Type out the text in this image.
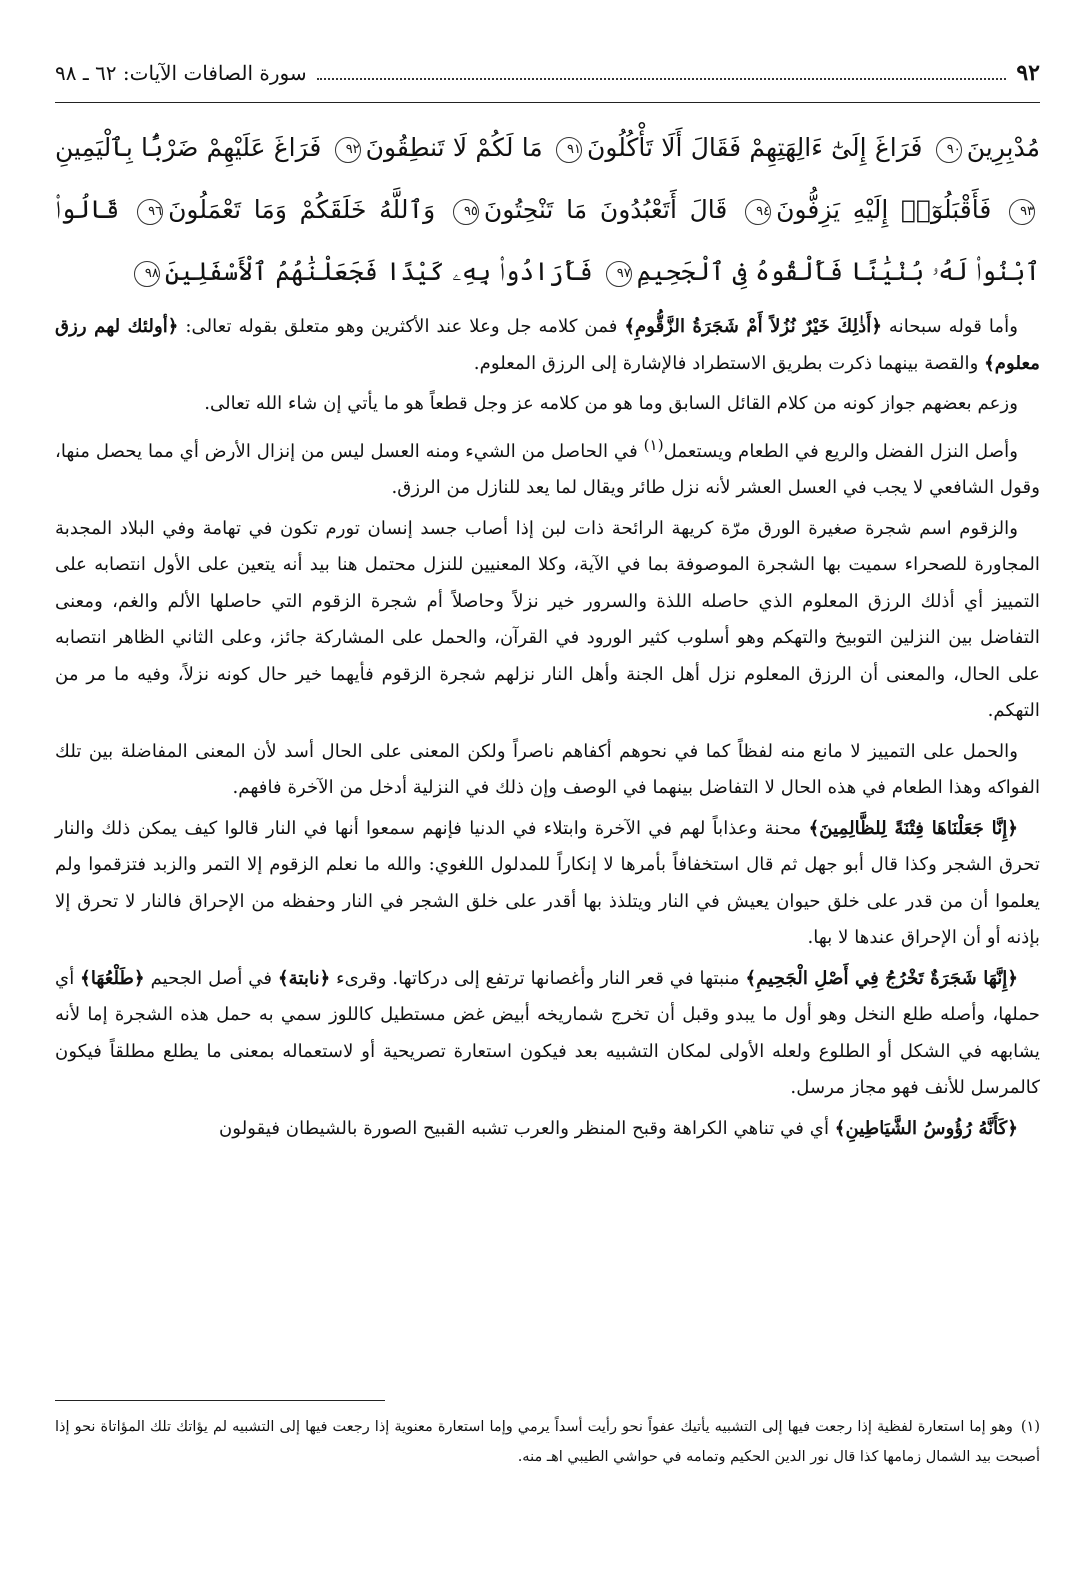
٩٢
سورة الصافات الآيات: ٦٢ ـ ٩٨

مُدْبِرِينَ٩٠ فَرَاغَ إِلَىٰٓ ءَالِهَتِهِمْ فَقَالَ أَلَا تَأْكُلُونَ٩١ مَا لَكُمْ لَا تَنطِقُونَ٩٢ فَرَاغَ عَلَيْهِمْ ضَرْبًۢا بِٱلْيَمِينِ٩٣ فَأَقْبَلُوٓا۟ إِلَيْهِ يَزِفُّونَ٩٤ قَالَ أَتَعْبُدُونَ مَا تَنْحِتُونَ٩٥ وَٱللَّهُ خَلَقَكُمْ وَمَا تَعْمَلُونَ٩٦ قَالُوا۟ ٱبْنُوا۟ لَهُۥ بُنْيَٰنًا فَأَلْقُوهُ فِى ٱلْجَحِيمِ٩٧ فَأَرَادُوا۟ بِهِۦ كَيْدًا فَجَعَلْنَٰهُمُ ٱلْأَسْفَلِينَ٩٨

وأما قوله سبحانه ﴿أَذٰلِكَ خَيْرٌ نُزُلاً أَمْ شَجَرَةُ الزَّقُّومِ﴾ فمن كلامه جل وعلا عند الأكثرين وهو متعلق بقوله تعالى: ﴿أولئك لهم رزق معلوم﴾ والقصة بينهما ذكرت بطريق الاستطراد فالإشارة إلى الرزق المعلوم.

وزعم بعضهم جواز كونه من كلام القائل السابق وما هو من كلامه عز وجل قطعاً هو ما يأتي إن شاء الله تعالى.

وأصل النزل الفضل والريع في الطعام ويستعمل$^{(١)}$ في الحاصل من الشيء ومنه العسل ليس من إنزال الأرض أي مما يحصل منها، وقول الشافعي لا يجب في العسل العشر لأنه نزل طائر ويقال لما يعد للنازل من الرزق.

والزقوم اسم شجرة صغيرة الورق مرّة كريهة الرائحة ذات لبن إذا أصاب جسد إنسان تورم تكون في تهامة وفي البلاد المجدبة المجاورة للصحراء سميت بها الشجرة الموصوفة بما في الآية، وكلا المعنيين للنزل محتمل هنا بيد أنه يتعين على الأول انتصابه على التمييز أي أذلك الرزق المعلوم الذي حاصله اللذة والسرور خير نزلاً وحاصلاً أم شجرة الزقوم التي حاصلها الألم والغم، ومعنى التفاضل بين النزلين التوبيخ والتهكم وهو أسلوب كثير الورود في القرآن، والحمل على المشاركة جائز، وعلى الثاني الظاهر انتصابه على الحال، والمعنى أن الرزق المعلوم نزل أهل الجنة وأهل النار نزلهم شجرة الزقوم فأيهما خير حال كونه نزلاً، وفيه ما مر من التهكم.

والحمل على التمييز لا مانع منه لفظاً كما في نحوهم أكفاهم ناصراً ولكن المعنى على الحال أسد لأن المعنى المفاضلة بين تلك الفواكه وهذا الطعام في هذه الحال لا التفاضل بينهما في الوصف وإن ذلك في النزلية أدخل من الآخرة فافهم.

﴿إِنَّا جَعَلْنَاهَا فِتْنَةً لِلظَّالِمِينَ﴾ محنة وعذاباً لهم في الآخرة وابتلاء في الدنيا فإنهم سمعوا أنها في النار قالوا كيف يمكن ذلك والنار تحرق الشجر وكذا قال أبو جهل ثم قال استخفافاً بأمرها لا إنكاراً للمدلول اللغوي: والله ما نعلم الزقوم إلا التمر والزبد فتزقموا ولم يعلموا أن من قدر على خلق حيوان يعيش في النار ويتلذذ بها أقدر على خلق الشجر في النار وحفظه من الإحراق فالنار لا تحرق إلا بإذنه أو أن الإحراق عندها لا بها.

﴿إِنَّهَا شَجَرَةٌ تَخْرُجُ فِي أَصْلِ الْجَحِيمِ﴾ منبتها في قعر النار وأغصانها ترتفع إلى دركاتها. وقرىء ﴿نابتة﴾ في أصل الجحيم ﴿طَلْعُهَا﴾ أي حملها، وأصله طلع النخل وهو أول ما يبدو وقبل أن تخرج شماريخه أبيض غض مستطيل كاللوز سمي به حمل هذه الشجرة إما لأنه يشابهه في الشكل أو الطلوع ولعله الأولى لمكان التشبيه بعد فيكون استعارة تصريحية أو لاستعماله بمعنى ما يطلع مطلقاً فيكون كالمرسل للأنف فهو مجاز مرسل.

﴿كَأَنَّهُ رُؤُوسُ الشَّيَاطِينِ﴾ أي في تناهي الكراهة وقبح المنظر والعرب تشبه القبيح الصورة بالشيطان فيقولون

(١)وهو إما استعارة لفظية إذا رجعت فيها إلى التشبيه يأتيك عفواً نحو رأيت أسداً يرمي وإما استعارة معنوية إذا رجعت فيها إلى التشبيه لم يؤاتك تلك المؤاتاة نحو إذا أصبحت بيد الشمال زمامها كذا قال نور الدين الحكيم وتمامه في حواشي الطيبي اهـ منه.
